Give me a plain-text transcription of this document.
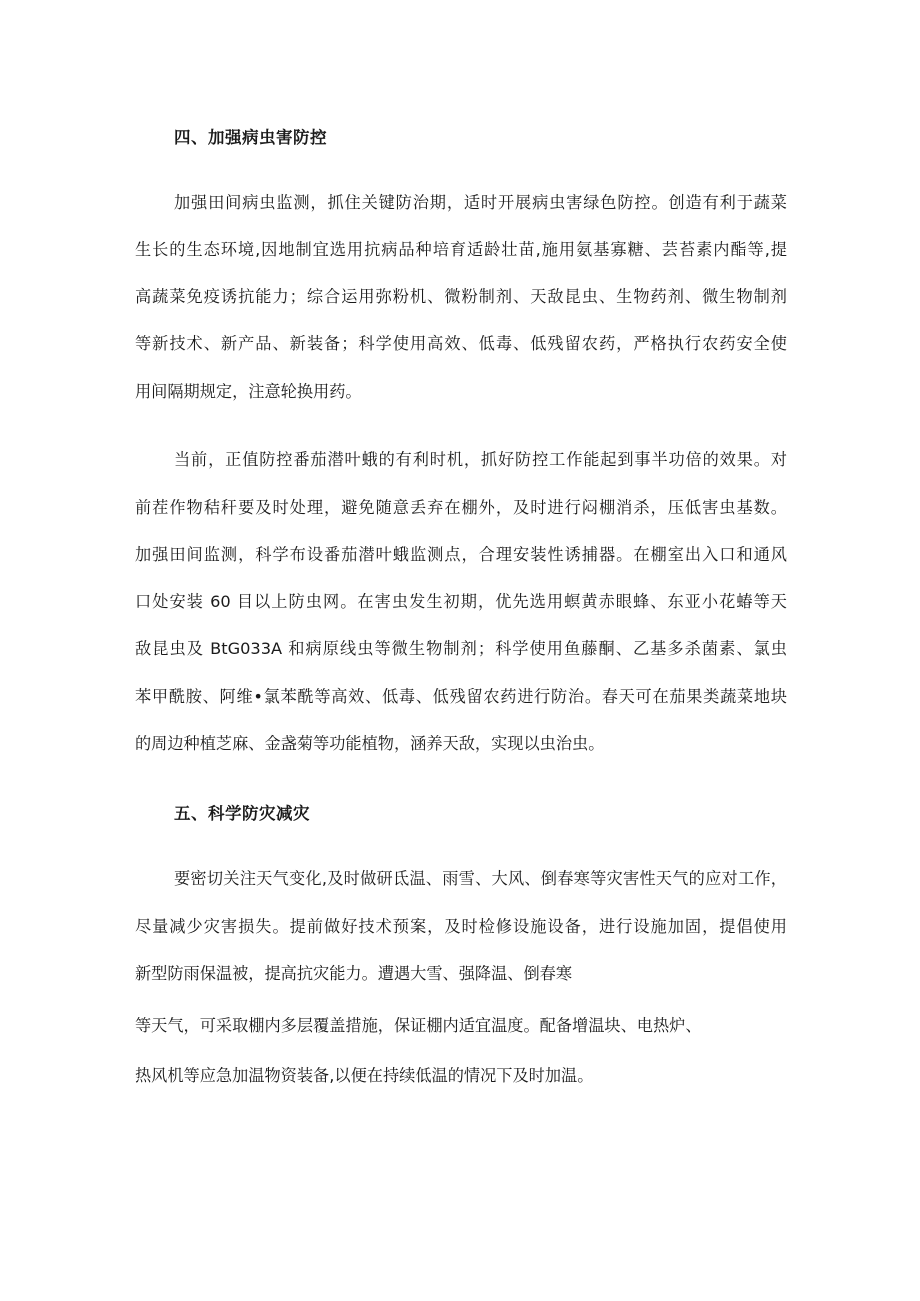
四、加强病虫害防控
加强田间病虫监测，抓住关键防治期，适时开展病虫害绿色防控。创造有利于蔬菜
生长的生态环境,因地制宜选用抗病品种培育适龄壮苗,施用氨基寡糖、芸苔素内酯等,提
高蔬菜免疫诱抗能力；综合运用弥粉机、微粉制剂、天敌昆虫、生物药剂、微生物制剂
等新技术、新产品、新装备；科学使用高效、低毒、低残留农药，严格执行农药安全使
用间隔期规定，注意轮换用药。
当前，正值防控番茄潜叶蛾的有利时机，抓好防控工作能起到事半功倍的效果。对
前茬作物秸秆要及时处理，避免随意丢弃在棚外，及时进行闷棚消杀，压低害虫基数。
加强田间监测，科学布设番茄潜叶蛾监测点，合理安装性诱捕器。在棚室出入口和通风
口处安装 60 目以上防虫网。在害虫发生初期，优先选用螟黄赤眼蜂、东亚小花蝽等天
敌昆虫及 BtG033A 和病原线虫等微生物制剂；科学使用鱼藤酮、乙基多杀菌素、氯虫
苯甲酰胺、阿维•氯苯酰等高效、低毒、低残留农药进行防治。春天可在茄果类蔬菜地块
的周边种植芝麻、金盏菊等功能植物，涵养天敌，实现以虫治虫。
五、科学防灾减灾
要密切关注天气变化,及时做研氐温、雨雪、大风、倒春寒等灾害性天气的应对工作，
尽量减少灾害损失。提前做好技术预案，及时检修设施设备，进行设施加固，提倡使用
新型防雨保温被，提高抗灾能力。遭遇大雪、强降温、倒春寒
等天气，可采取棚内多层覆盖措施，保证棚内适宜温度。配备增温块、电热炉、
热风机等应急加温物资装备,以便在持续低温的情况下及时加温。
